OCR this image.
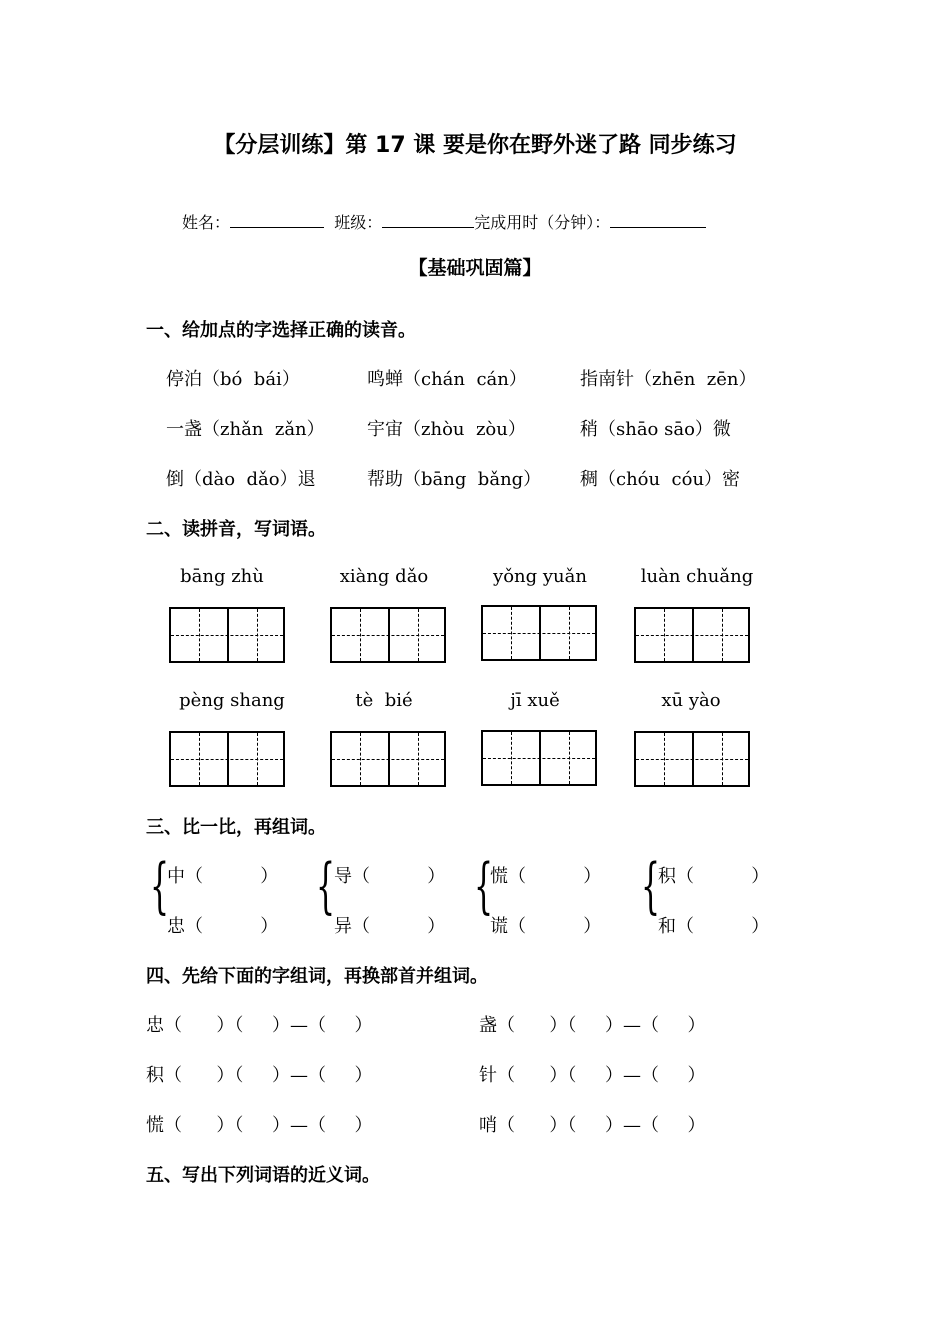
【分层训练】第 17 课 要是你在野外迷了路 同步练习
姓名：	班级：	完成用时（分钟）：
【基础巩固篇】
一、给加点的字选择正确的读音。
停泊（bó  bái）	鸣蝉（chán  cán）	指南针（zhēn  zēn）
一盏（zhǎn  zǎn） 宇宙（zhòu  zòu）	稍（shāo sāo）微
倒（dào  dǎo）退	帮助（bāng  bǎng） 稠（chóu  cóu）密
二、读拼音，写词语。
bāng zhù	xiàng dǎo	yǒng yuǎn	luàn chuǎng
pèng shang	tè  bié	jī xuě	xū yào
三、比一比，再组词。
{
中（          ）
忠（          ）
{
导（          ）
异（          ）
{
慌（          ）
谎（          ）
{
积（          ）
和（          ）
四、先给下面的字组词，再换部首并组词。
忠（      ）（     ）—（     ）	盏（      ）（     ）—（     ）
积（      ）（     ）—（     ）	针（      ）（     ）—（     ）
慌（      ）（     ）—（     ）	哨（      ）（     ）—（     ）
五、写出下列词语的近义词。
